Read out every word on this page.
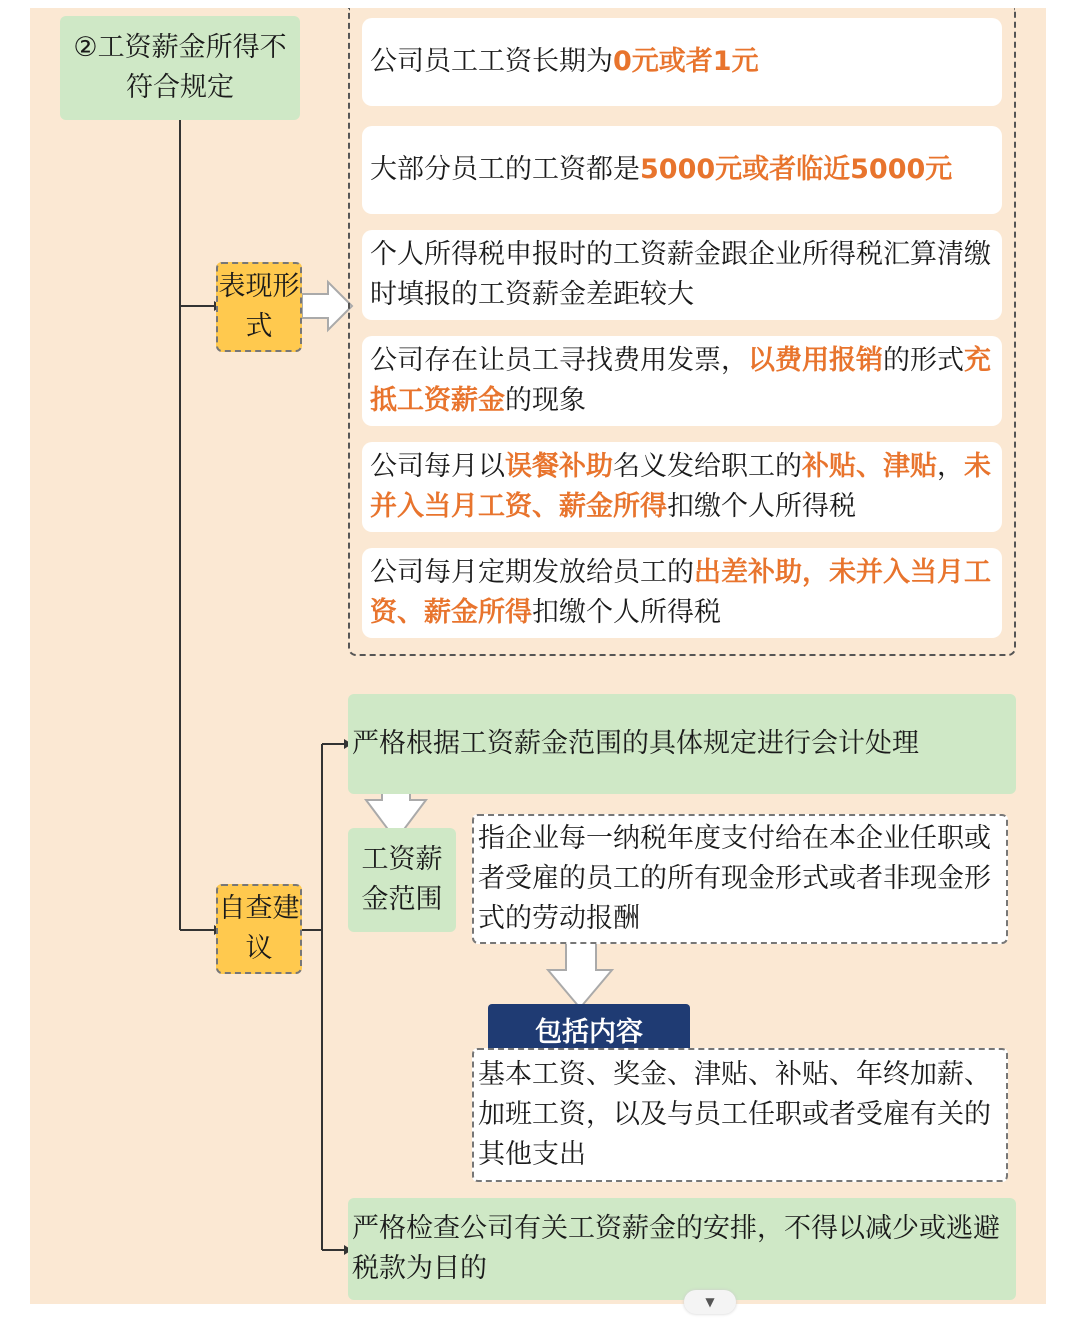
②工资薪金所得不符合规定
表现形式
公司员工工资长期为0元或者1元
大部分员工的工资都是5000元或者临近5000元
个人所得税申报时的工资薪金跟企业所得税汇算清缴时填报的工资薪金差距较大
公司存在让员工寻找费用发票，以费用报销的形式充抵工资薪金的现象
公司每月以误餐补助名义发给职工的补贴、津贴，未并入当月工资、薪金所得扣缴个人所得税
公司每月定期发放给员工的出差补助，未并入当月工资、薪金所得扣缴个人所得税
自查建议
严格根据工资薪金范围的具体规定进行会计处理
工资薪金范围
指企业每一纳税年度支付给在本企业任职或者受雇的员工的所有现金形式或者非现金形式的劳动报酬
包括内容
基本工资、奖金、津贴、补贴、年终加薪、加班工资，以及与员工任职或者受雇有关的其他支出
严格检查公司有关工资薪金的安排，不得以减少或逃避税款为目的
▼
